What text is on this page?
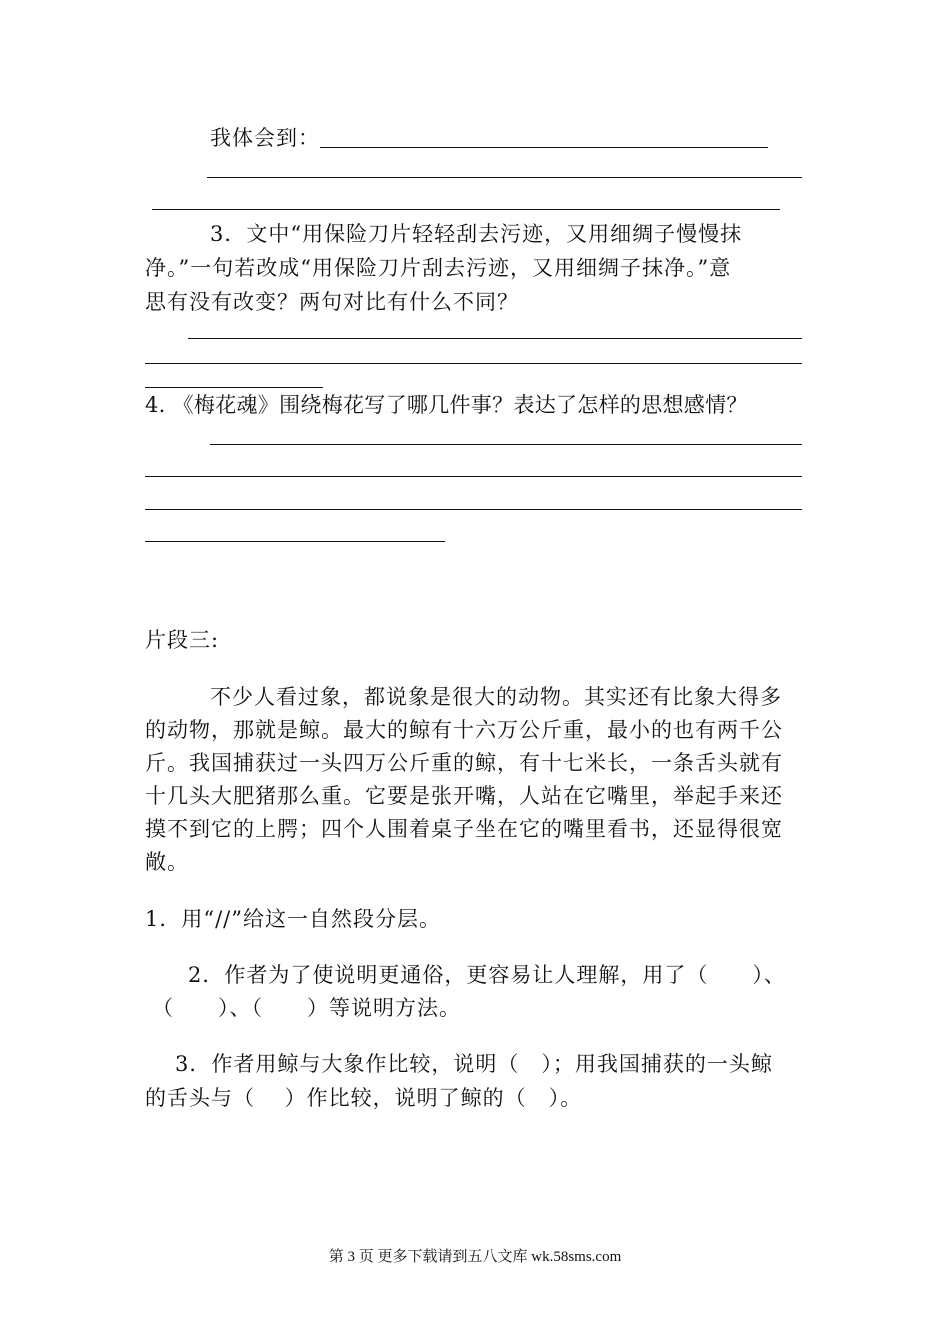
我体会到：
3．文中“用保险刀片轻轻刮去污迹，又用细绸子慢慢抹
净。”一句若改成“用保险刀片刮去污迹，又用细绸子抹净。”意
思有没有改变？两句对比有什么不同？
4. 《梅花魂》围绕梅花写了哪几件事？表达了怎样的思想感情？
片段三:
不少人看过象，都说象是很大的动物。其实还有比象大得多
的动物，那就是鲸。最大的鲸有十六万公斤重，最小的也有两千公
斤。我国捕获过一头四万公斤重的鲸，有十七米长，一条舌头就有
十几头大肥猪那么重。它要是张开嘴，人站在它嘴里，举起手来还
摸不到它的上腭；四个人围着桌子坐在它的嘴里看书，还显得很宽
敞。
1．用“//”给这一自然段分层。
2．作者为了使说明更通俗，更容易让人理解，用了（　　）、
（　　）、（　　）等说明方法。
3．作者用鲸与大象作比较，说明（　）；用我国捕获的一头鲸
的舌头与（　 ）作比较，说明了鲸的（　）。
第 3 页 更多下载请到五八文库 wk.58sms.com
